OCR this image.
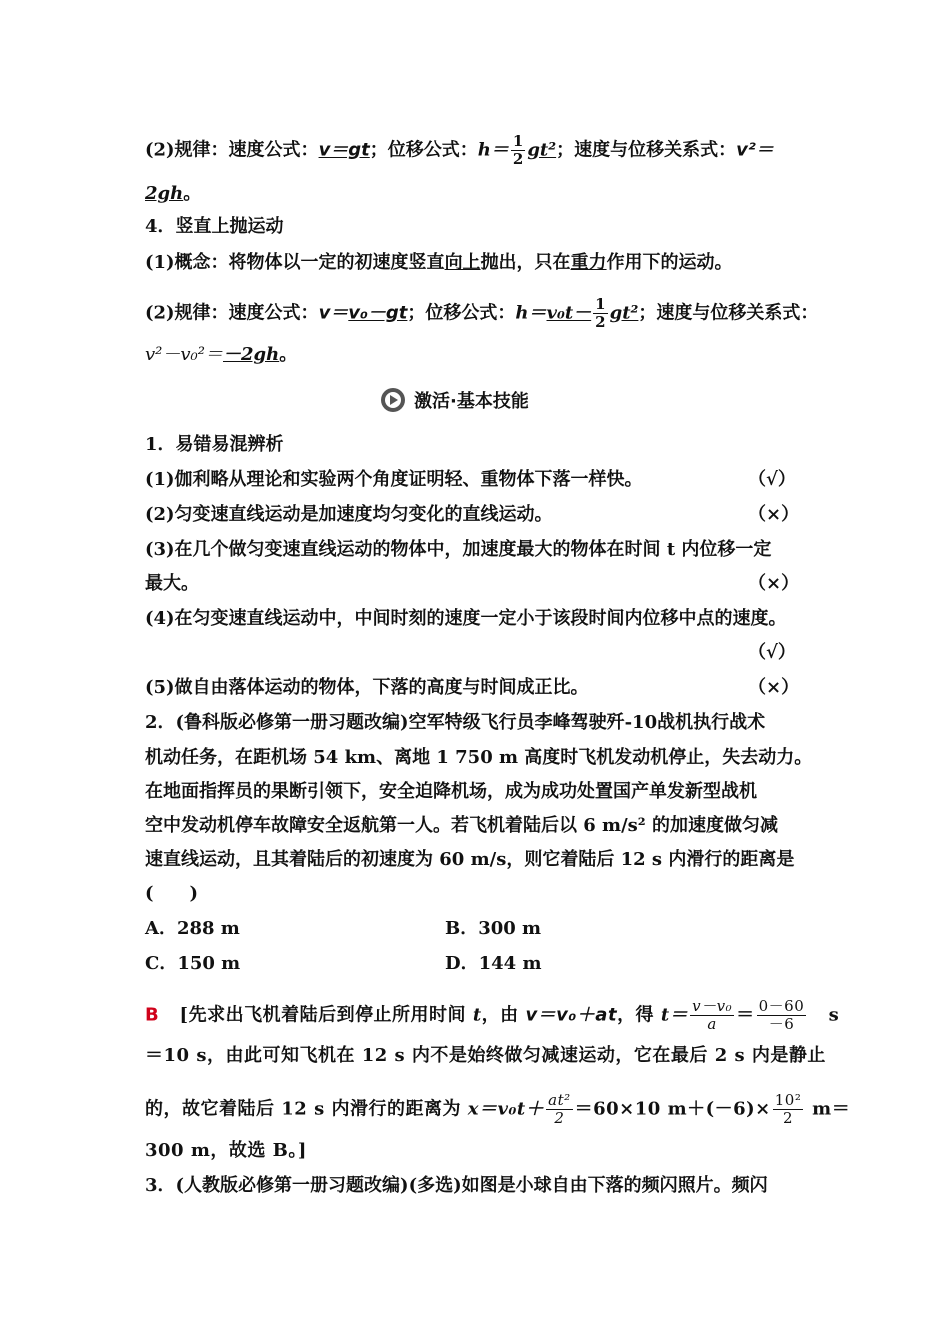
(2)规律：速度公式：v＝gt；位移公式：$h= \frac{1}{2} gt^2$；速度与位移关系式：v²＝
2gh。
4．竖直上抛运动
(1)概念：将物体以一定的初速度竖直向上抛出，只在重力作用下的运动。
(2)规律：速度公式：v＝v₀－gt；位移公式：$h=v_0t- \frac{1}{2} gt^2$；速度与位移关系式：
v²－v₀²＝－2gh。
激活·基本技能
1．易错易混辨析
(1)伽利略从理论和实验两个角度证明轻、重物体下落一样快。	（√）
(2)匀变速直线运动是加速度均匀变化的直线运动。	（×）
(3)在几个做匀变速直线运动的物体中，加速度最大的物体在时间 t 内位移一定
最大。	（×）
(4)在匀变速直线运动中，中间时刻的速度一定小于该段时间内位移中点的速度。
（√）
(5)做自由落体运动的物体，下落的高度与时间成正比。	（×）
2．(鲁科版必修第一册习题改编)空军特级飞行员李峰驾驶歼-10战机执行战术
机动任务，在距机场 54 km、离地 1 750 m 高度时飞机发动机停止，失去动力。
在地面指挥员的果断引领下，安全迫降机场，成为成功处置国产单发新型战机
空中发动机停车故障安全返航第一人。若飞机着陆后以 6 m/s² 的加速度做匀减
速直线运动，且其着陆后的初速度为 60 m/s，则它着陆后 12 s 内滑行的距离是
(　　)
A．288 m	B．300 m
C．150 m	D．144 m
B [先求出飞机着陆后到停止所用时间 t，由 v＝v₀＋at，得 $t= \frac{\text{v－v₀}}{a} = \frac{0-60}{-6}$ s
＝10 s，由此可知飞机在 12 s 内不是始终做匀减速运动，它在最后 2 s 内是静止
的，故它着陆后 12 s 内滑行的距离为 $x=v_0t+ \frac{\text{at²}}{2} =60\times 10$ $m+(-6)\times \frac{\text{10²}}{2} m=$
300 m，故选 B。]
3．(人教版必修第一册习题改编)(多选)如图是小球自由下落的频闪照片。频闪
